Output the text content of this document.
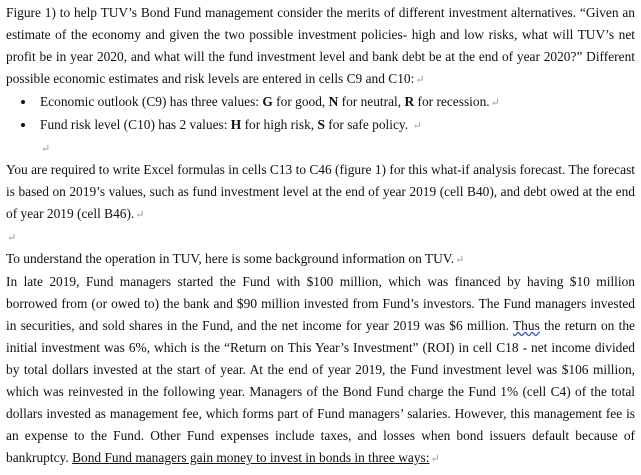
Figure 1) to help TUV’s Bond Fund management consider the merits of different investment alternatives. “Given an estimate of the economy and given the two possible investment policies- high and low risks, what will TUV’s net profit be in year 2020, and what will the fund investment level and bank debt be at the end of year 2020?” Different possible economic estimates and risk levels are entered in cells C9 and C10:↵

• Economic outlook (C9) has three values: G for good, N for neutral, R for recession.↵
• Fund risk level (C10) has 2 values: H for high risk, S for safe policy. ↵
↵

You are required to write Excel formulas in cells C13 to C46 (figure 1) for this what-if analysis forecast. The forecast is based on 2019’s values, such as fund investment level at the end of year 2019 (cell B40), and debt owed at the end of year 2019 (cell B46).↵

↵

To understand the operation in TUV, here is some background information on TUV.↵

In late 2019, Fund managers started the Fund with $100 million, which was financed by having $10 million borrowed from (or owed to) the bank and $90 million invested from Fund’s investors. The Fund managers invested in securities, and sold shares in the Fund, and the net income for year 2019 was $6 million. Thus the return on the initial investment was 6%, which is the “Return on This Year’s Investment” (ROI) in cell C18 - net income divided by total dollars invested at the start of year. At the end of year 2019, the Fund investment level was $106 million, which was reinvested in the following year. Managers of the Bond Fund charge the Fund 1% (cell C4) of the total dollars invested as management fee, which forms part of Fund managers’ salaries. However, this management fee is an expense to the Fund. Other Fund expenses include taxes, and losses when bond issuers default because of bankruptcy. Bond Fund managers gain money to invest in bonds in three ways:↵
